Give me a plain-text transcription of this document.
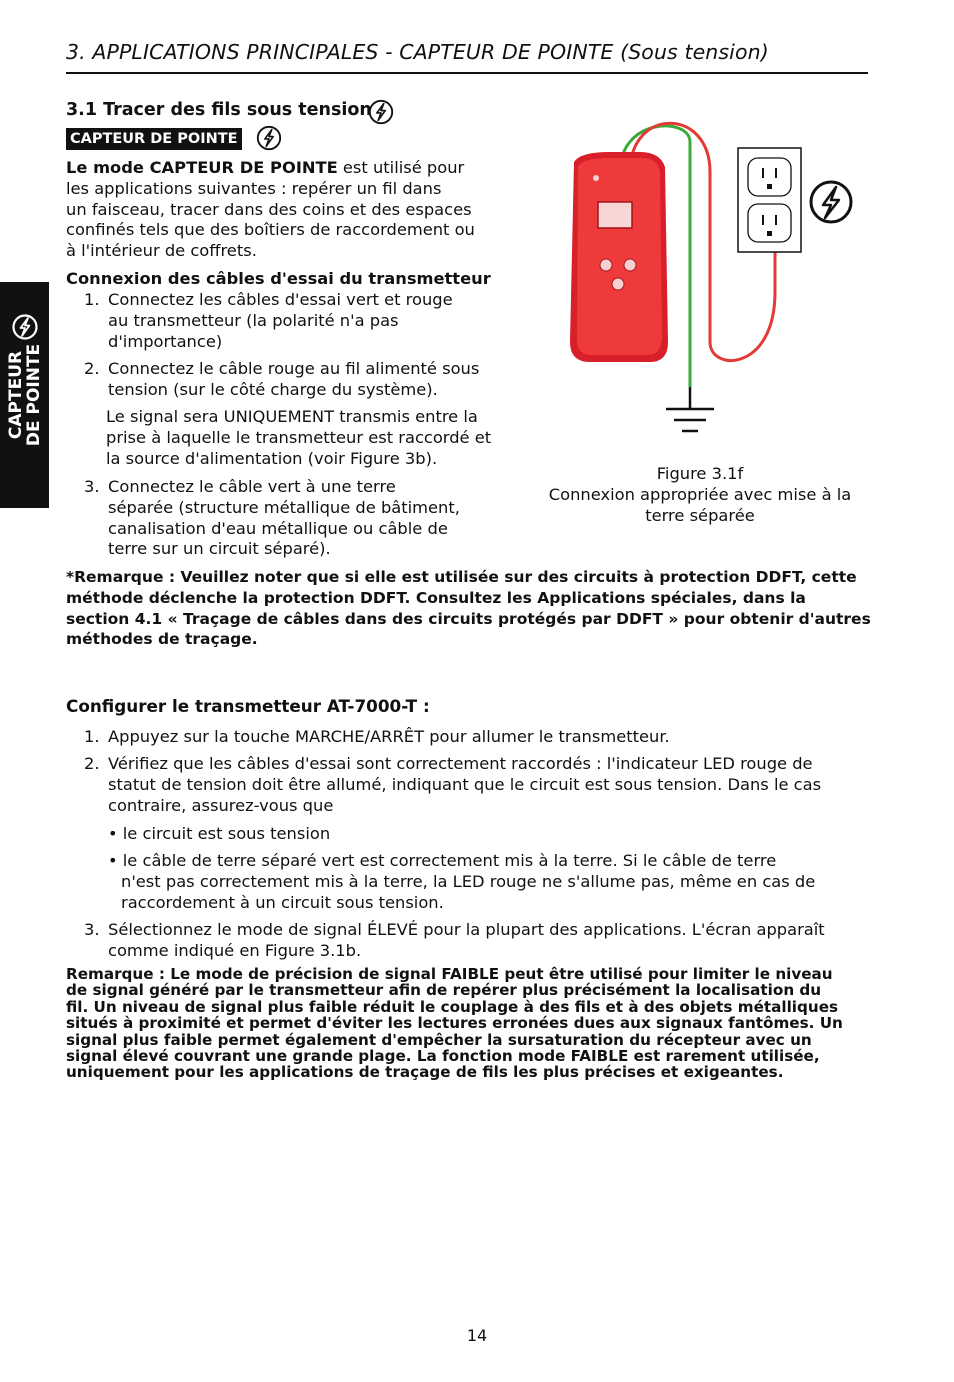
3. APPLICATIONS PRINCIPALES - CAPTEUR DE POINTE (Sous tension)
CAPTEUR
DE POINTE
3.1 Tracer des fils sous tension
CAPTEUR DE POINTE
Le mode CAPTEUR DE POINTE est utilisé pour
les applications suivantes : repérer un fil dans
un faisceau, tracer dans des coins et des espaces
confinés tels que des boîtiers de raccordement ou
à l'intérieur de coffrets.
Connexion des câbles d'essai du transmetteur
1. Connectez les câbles d'essai vert et rouge
au transmetteur (la polarité n'a pas
d'importance)
2. Connectez le câble rouge au fil alimenté sous
tension (sur le côté charge du système).
Le signal sera UNIQUEMENT transmis entre la
prise à laquelle le transmetteur est raccordé et
la source d'alimentation (voir Figure 3b).
3. Connectez le câble vert à une terre
séparée (structure métallique de bâtiment,
canalisation d'eau métallique ou câble de
terre sur un circuit séparé).
Figure 3.1f
Connexion appropriée avec mise à la
terre séparée
*Remarque : Veuillez noter que si elle est utilisée sur des circuits à protection DDFT, cette
méthode déclenche la protection DDFT. Consultez les Applications spéciales, dans la
section 4.1 « Traçage de câbles dans des circuits protégés par DDFT » pour obtenir d'autres
méthodes de traçage.
Configurer le transmetteur AT-7000-T :
1. Appuyez sur la touche MARCHE/ARRÊT pour allumer le transmetteur.
2. Vérifiez que les câbles d'essai sont correctement raccordés : l'indicateur LED rouge de
statut de tension doit être allumé, indiquant que le circuit est sous tension. Dans le cas
contraire, assurez-vous que
• le circuit est sous tension
• le câble de terre séparé vert est correctement mis à la terre. Si le câble de terre
n'est pas correctement mis à la terre, la LED rouge ne s'allume pas, même en cas de
raccordement à un circuit sous tension.
3. Sélectionnez le mode de signal ÉLEVÉ pour la plupart des applications. L'écran apparaît
comme indiqué en Figure 3.1b.
Remarque : Le mode de précision de signal FAIBLE peut être utilisé pour limiter le niveau
de signal généré par le transmetteur afin de repérer plus précisément la localisation du
fil. Un niveau de signal plus faible réduit le couplage à des fils et à des objets métalliques
situés à proximité et permet d'éviter les lectures erronées dues aux signaux fantômes. Un
signal plus faible permet également d'empêcher la sursaturation du récepteur avec un
signal élevé couvrant une grande plage. La fonction mode FAIBLE est rarement utilisée,
uniquement pour les applications de traçage de fils les plus précises et exigeantes.
14
